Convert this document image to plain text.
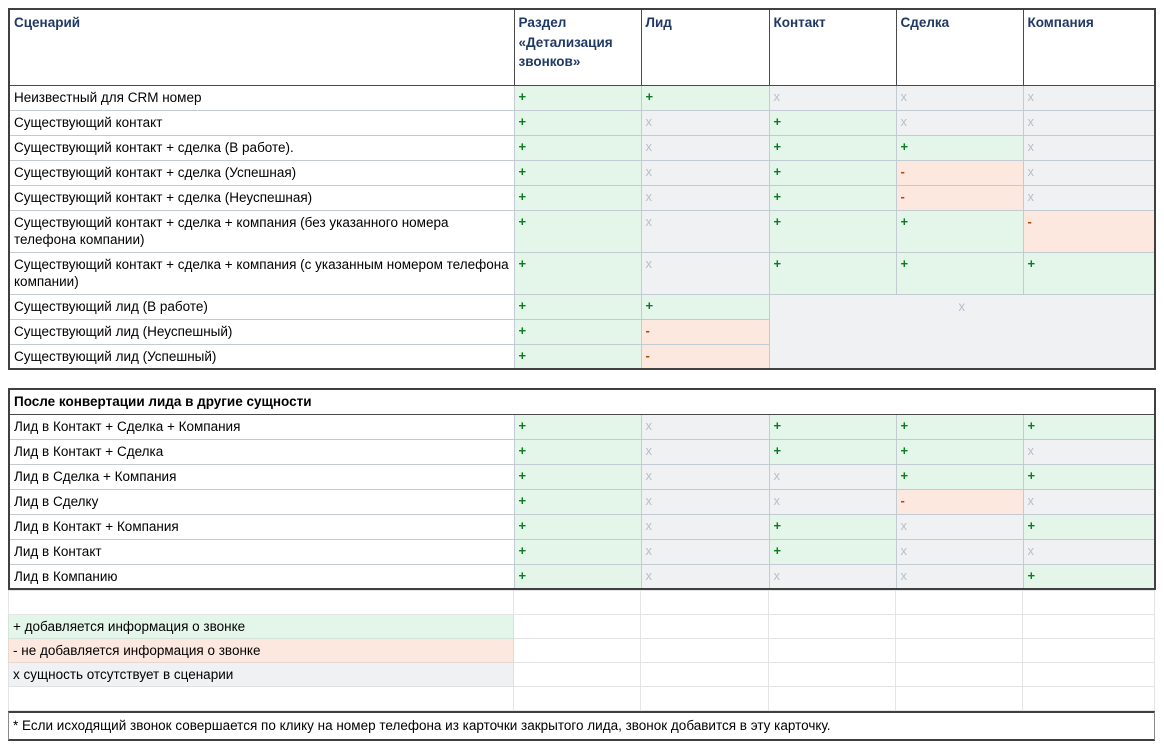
Сценарий	Раздел «Детализация звонков»	Лид	Контакт	Сделка	Компания
Неизвестный для CRM номер	+	+	x	x	x
Существующий контакт	+	x	+	x	x
Существующий контакт + сделка (В работе).	+	x	+	+	x
Существующий контакт + сделка (Успешная)	+	x	+	-	x
Существующий контакт + сделка (Неуспешная)	+	x	+	-	x
Существующий контакт + сделка + компания (без указанного номера телефона компании)	+	x	+	+	-
Существующий контакт + сделка + компания (с указанным номером телефона компании)	+	x	+	+	+
Существующий лид (В работе)	+	+	x		
Существующий лид (Неуспешный)	+	-			
Существующий лид (Успешный)	+	-			
После конвертации лида в другие сущности					
Лид в Контакт + Сделка + Компания	+	x	+	+	+
Лид в Контакт + Сделка	+	x	+	+	x
Лид в Сделка + Компания	+	x	x	+	+
Лид в Сделку	+	x	x	-	x
Лид в Контакт + Компания	+	x	+	x	+
Лид в Контакт	+	x	+	x	x
Лид в Компанию	+	x	x	x	+

+ добавляется информация о звонке					
- не добавляется информация о звонке					
x сущность отсутствует в сценарии					

* Если исходящий звонок совершается по клику на номер телефона из карточки закрытого лида, звонок добавится в эту карточку.
